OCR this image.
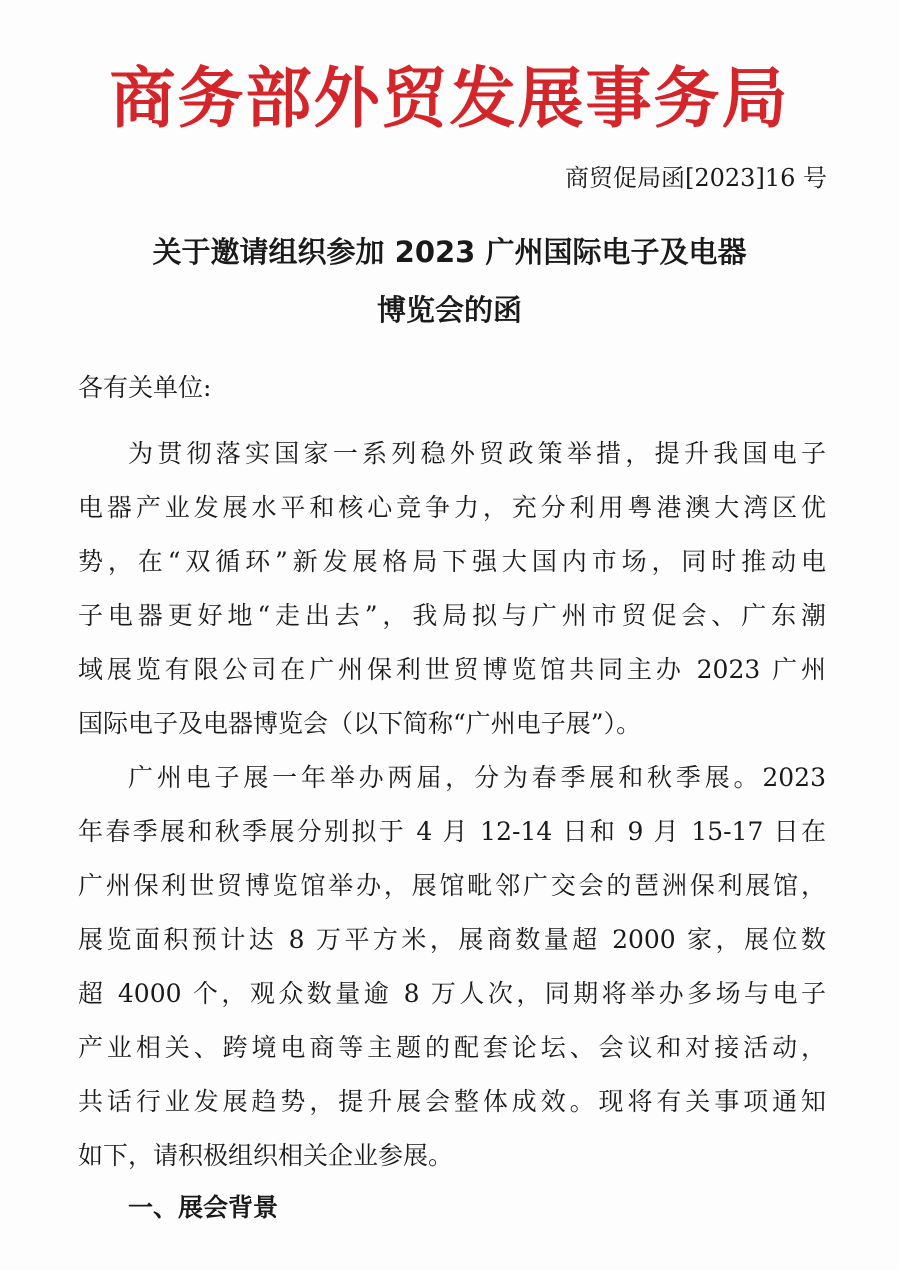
商务部外贸发展事务局
商贸促局函[2023]16 号
关于邀请组织参加 2023 广州国际电子及电器
博览会的函
各有关单位:
为贯彻落实国家一系列稳外贸政策举措，提升我国电子
电器产业发展水平和核心竞争力，充分利用粤港澳大湾区优
势，在“双循环”新发展格局下强大国内市场，同时推动电
子电器更好地“走出去”，我局拟与广州市贸促会、广东潮
域展览有限公司在广州保利世贸博览馆共同主办 2023 广州
国际电子及电器博览会（以下简称“广州电子展”）。
广州电子展一年举办两届，分为春季展和秋季展。2023
年春季展和秋季展分别拟于 4 月 12-14 日和 9 月 15-17 日在
广州保利世贸博览馆举办，展馆毗邻广交会的琶洲保利展馆，
展览面积预计达 8 万平方米，展商数量超 2000 家，展位数
超 4000 个，观众数量逾 8 万人次，同期将举办多场与电子
产业相关、跨境电商等主题的配套论坛、会议和对接活动，
共话行业发展趋势，提升展会整体成效。现将有关事项通知
如下，请积极组织相关企业参展。
一、展会背景
